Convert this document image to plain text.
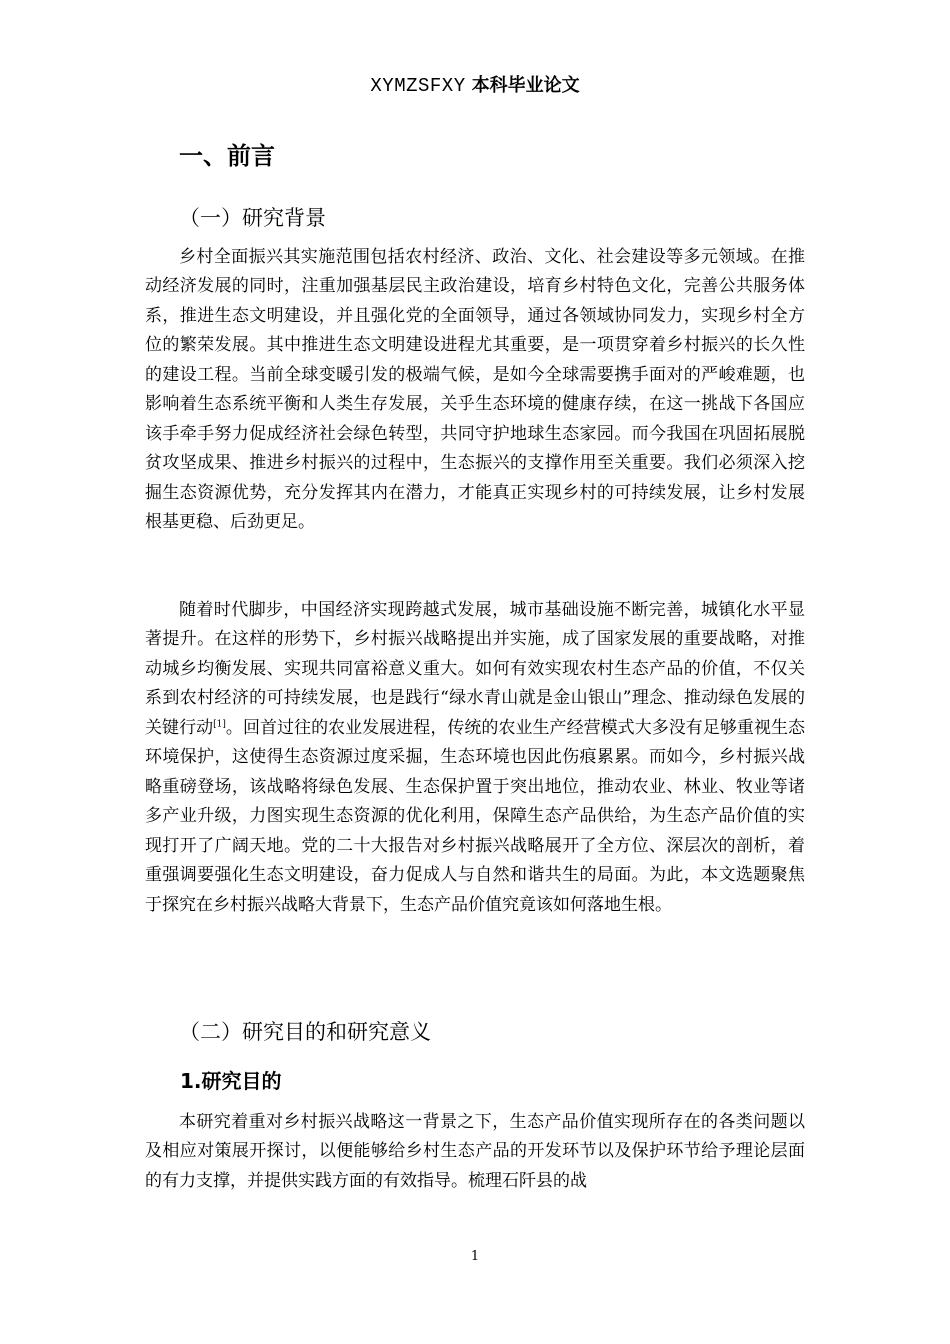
XYMZSFXY 本科毕业论文
一、前言
（一）研究背景

乡村全面振兴其实施范围包括农村经济、政治、文化、社会建设等多元领域。在推动经济发展的同时，注重加强基层民主政治建设，培育乡村特色文化，完善公共服务体系，推进生态文明建设，并且强化党的全面领导，通过各领域协同发力，实现乡村全方位的繁荣发展。其中推进生态文明建设进程尤其重要，是一项贯穿着乡村振兴的长久性的建设工程。当前全球变暖引发的极端气候，是如今全球需要携手面对的严峻难题，也影响着生态系统平衡和人类生存发展，关乎生态环境的健康存续，在这一挑战下各国应该手牵手努力促成经济社会绿色转型，共同守护地球生态家园。而今我国在巩固拓展脱贫攻坚成果、推进乡村振兴的过程中，生态振兴的支撑作用至关重要。我们必须深入挖掘生态资源优势，充分发挥其内在潜力，才能真正实现乡村的可持续发展，让乡村发展根基更稳、后劲更足。

随着时代脚步，中国经济实现跨越式发展，城市基础设施不断完善，城镇化水平显著提升。在这样的形势下，乡村振兴战略提出并实施，成了国家发展的重要战略，对推动城乡均衡发展、实现共同富裕意义重大。如何有效实现农村生态产品的价值，不仅关系到农村经济的可持续发展，也是践行“绿水青山就是金山银山”理念、推动绿色发展的关键行动[1]。回首过往的农业发展进程，传统的农业生产经营模式大多没有足够重视生态环境保护，这使得生态资源过度采掘，生态环境也因此伤痕累累。而如今，乡村振兴战略重磅登场，该战略将绿色发展、生态保护置于突出地位，推动农业、林业、牧业等诸多产业升级，力图实现生态资源的优化利用，保障生态产品供给，为生态产品价值的实现打开了广阔天地。党的二十大报告对乡村振兴战略展开了全方位、深层次的剖析，着重强调要强化生态文明建设，奋力促成人与自然和谐共生的局面。为此，本文选题聚焦于探究在乡村振兴战略大背景下，生态产品价值究竟该如何落地生根。

（二）研究目的和研究意义
1.研究目的

本研究着重对乡村振兴战略这一背景之下，生态产品价值实现所存在的各类问题以及相应对策展开探讨，以便能够给乡村生态产品的开发环节以及保护环节给予理论层面的有力支撑，并提供实践方面的有效指导。梳理石阡县的战

1
